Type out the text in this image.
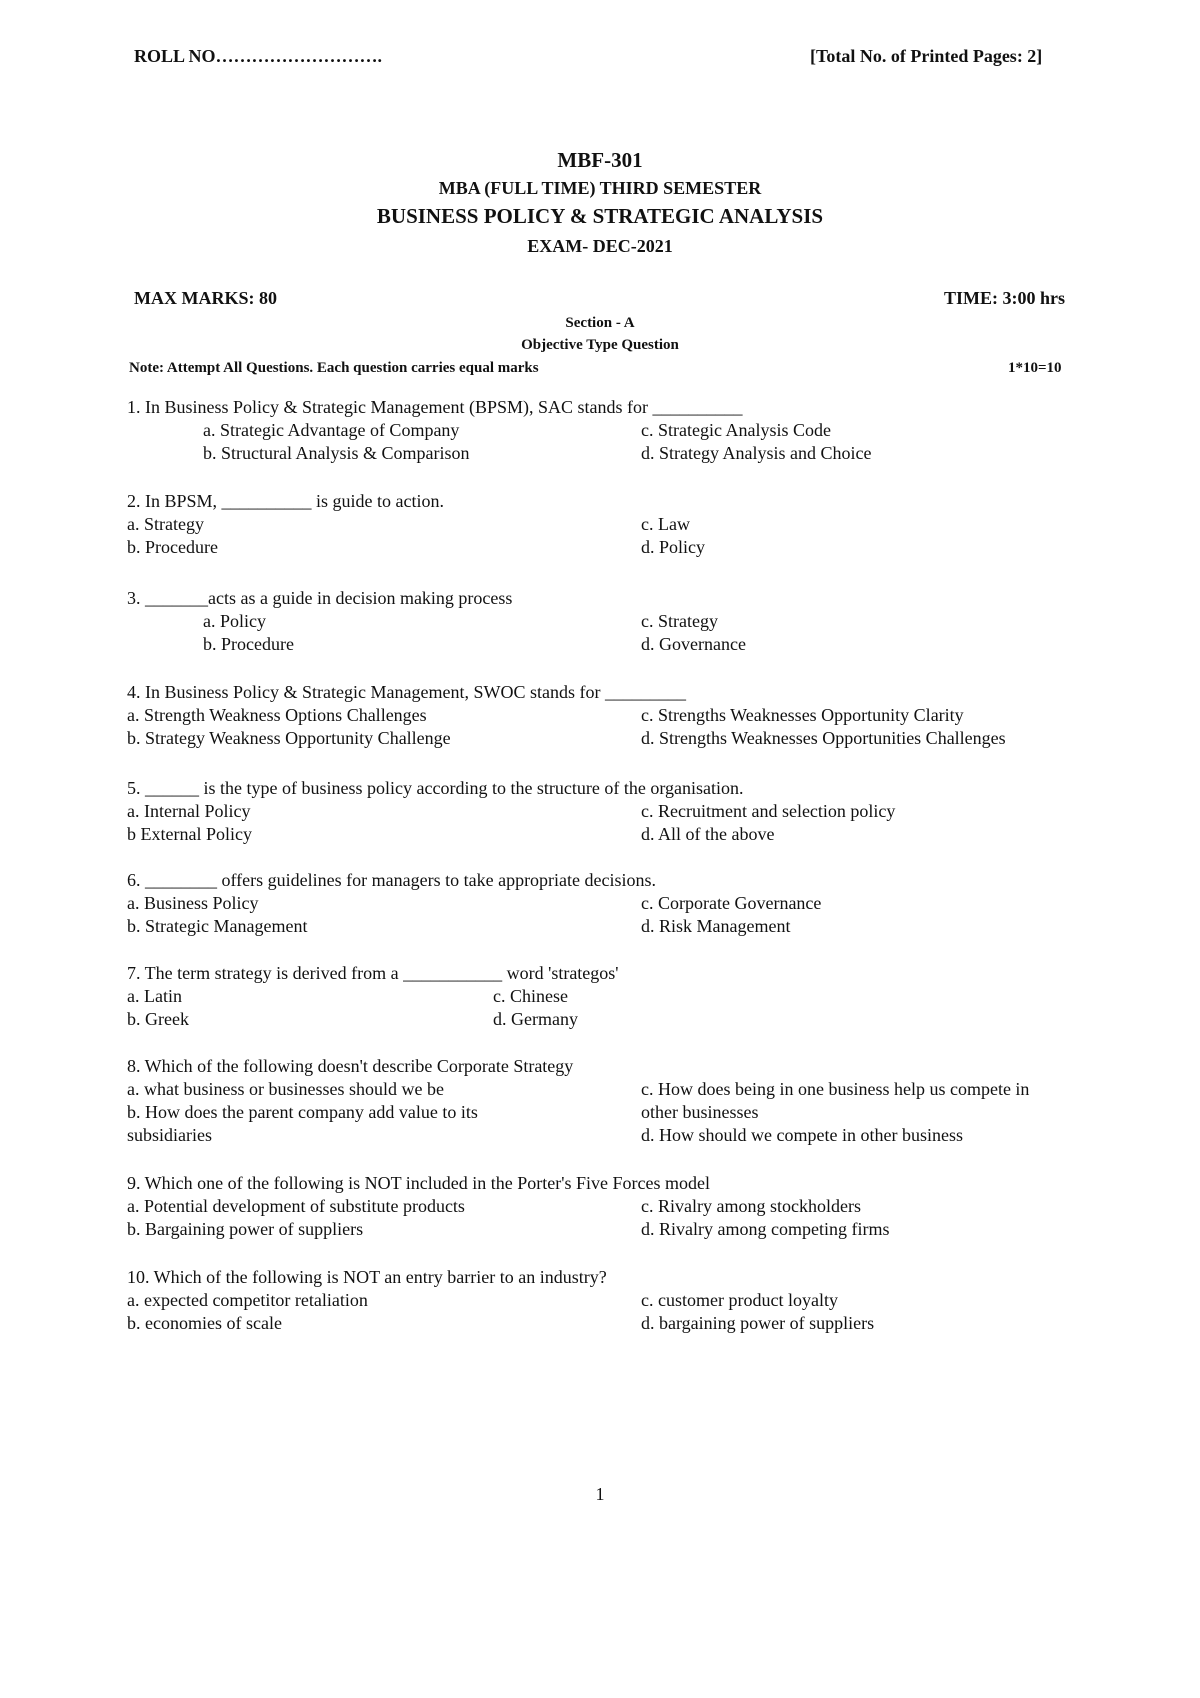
ROLL NO……………………….	[Total No. of Printed Pages: 2]
MBF-301
MBA (FULL TIME) THIRD SEMESTER
BUSINESS POLICY & STRATEGIC ANALYSIS
EXAM- DEC-2021
MAX MARKS: 80	TIME: 3:00 hrs
Section - A
Objective Type Question
Note: Attempt All Questions. Each question carries equal marks	1*10=10
1. In Business Policy & Strategic Management (BPSM), SAC stands for __________
a. Strategic Advantage of Company
b. Structural Analysis & Comparison
c. Strategic Analysis Code
d. Strategy Analysis and Choice
2. In BPSM, __________ is guide to action.
a. Strategy
b. Procedure
c. Law
d. Policy
3. _______acts as a guide in decision making process
a. Policy
b. Procedure
c. Strategy
d. Governance
4. In Business Policy & Strategic Management, SWOC stands for _________
a. Strength Weakness Options Challenges
b. Strategy Weakness Opportunity Challenge
c. Strengths Weaknesses Opportunity Clarity
d. Strengths Weaknesses Opportunities Challenges
5. ______ is the type of business policy according to the structure of the organisation.
a. Internal Policy
b External Policy
c. Recruitment and selection policy
d. All of the above
6. ________ offers guidelines for managers to take appropriate decisions.
a. Business Policy
b. Strategic Management
c. Corporate Governance
d. Risk Management
7. The term strategy is derived from a ___________ word 'strategos'
a. Latin
b. Greek
c. Chinese
d. Germany
8. Which of the following doesn't describe Corporate Strategy
a. what business or businesses should we be
b. How does the parent company add value to its
subsidiaries
c. How does being in one business help us compete in
other businesses
d. How should we compete in other business
9. Which one of the following is NOT included in the Porter's Five Forces model
a. Potential development of substitute products
b. Bargaining power of suppliers
c. Rivalry among stockholders
d. Rivalry among competing firms
10. Which of the following is NOT an entry barrier to an industry?
a. expected competitor retaliation
b. economies of scale
c. customer product loyalty
d. bargaining power of suppliers
1
